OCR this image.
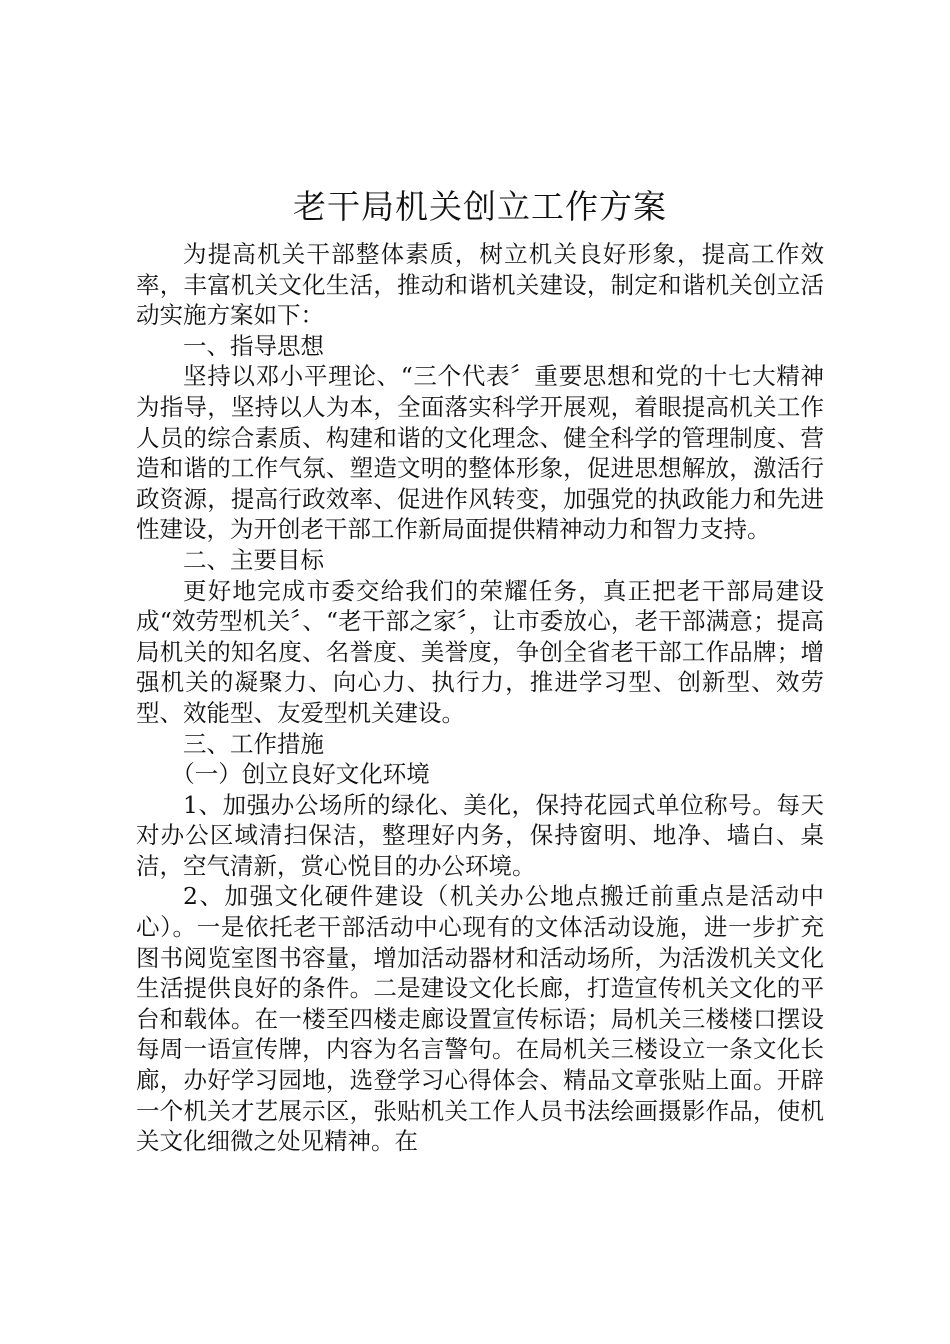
老干局机关创立工作方案

为提高机关干部整体素质，树立机关良好形象，提高工作效率，丰富机关文化生活，推动和谐机关建设，制定和谐机关创立活动实施方案如下：

一、指导思想

坚持以邓小平理论、“三个代表〞重要思想和党的十七大精神为指导，坚持以人为本，全面落实科学开展观，着眼提高机关工作人员的综合素质、构建和谐的文化理念、健全科学的管理制度、营造和谐的工作气氛、塑造文明的整体形象，促进思想解放，激活行政资源，提高行政效率、促进作风转变，加强党的执政能力和先进性建设，为开创老干部工作新局面提供精神动力和智力支持。

二、主要目标

更好地完成市委交给我们的荣耀任务，真正把老干部局建设成“效劳型机关〞、“老干部之家〞，让市委放心，老干部满意；提高局机关的知名度、名誉度、美誉度，争创全省老干部工作品牌；增强机关的凝聚力、向心力、执行力，推进学习型、创新型、效劳型、效能型、友爱型机关建设。

三、工作措施

（一）创立良好文化环境

1、加强办公场所的绿化、美化，保持花园式单位称号。每天对办公区域清扫保洁，整理好内务，保持窗明、地净、墙白、桌洁，空气清新，赏心悦目的办公环境。

2、加强文化硬件建设（机关办公地点搬迁前重点是活动中心）。一是依托老干部活动中心现有的文体活动设施，进一步扩充图书阅览室图书容量，增加活动器材和活动场所，为活泼机关文化生活提供良好的条件。二是建设文化长廊，打造宣传机关文化的平台和载体。在一楼至四楼走廊设置宣传标语；局机关三楼楼口摆设每周一语宣传牌，内容为名言警句。在局机关三楼设立一条文化长廊，办好学习园地，选登学习心得体会、精品文章张贴上面。开辟一个机关才艺展示区，张贴机关工作人员书法绘画摄影作品，使机关文化细微之处见精神。在
